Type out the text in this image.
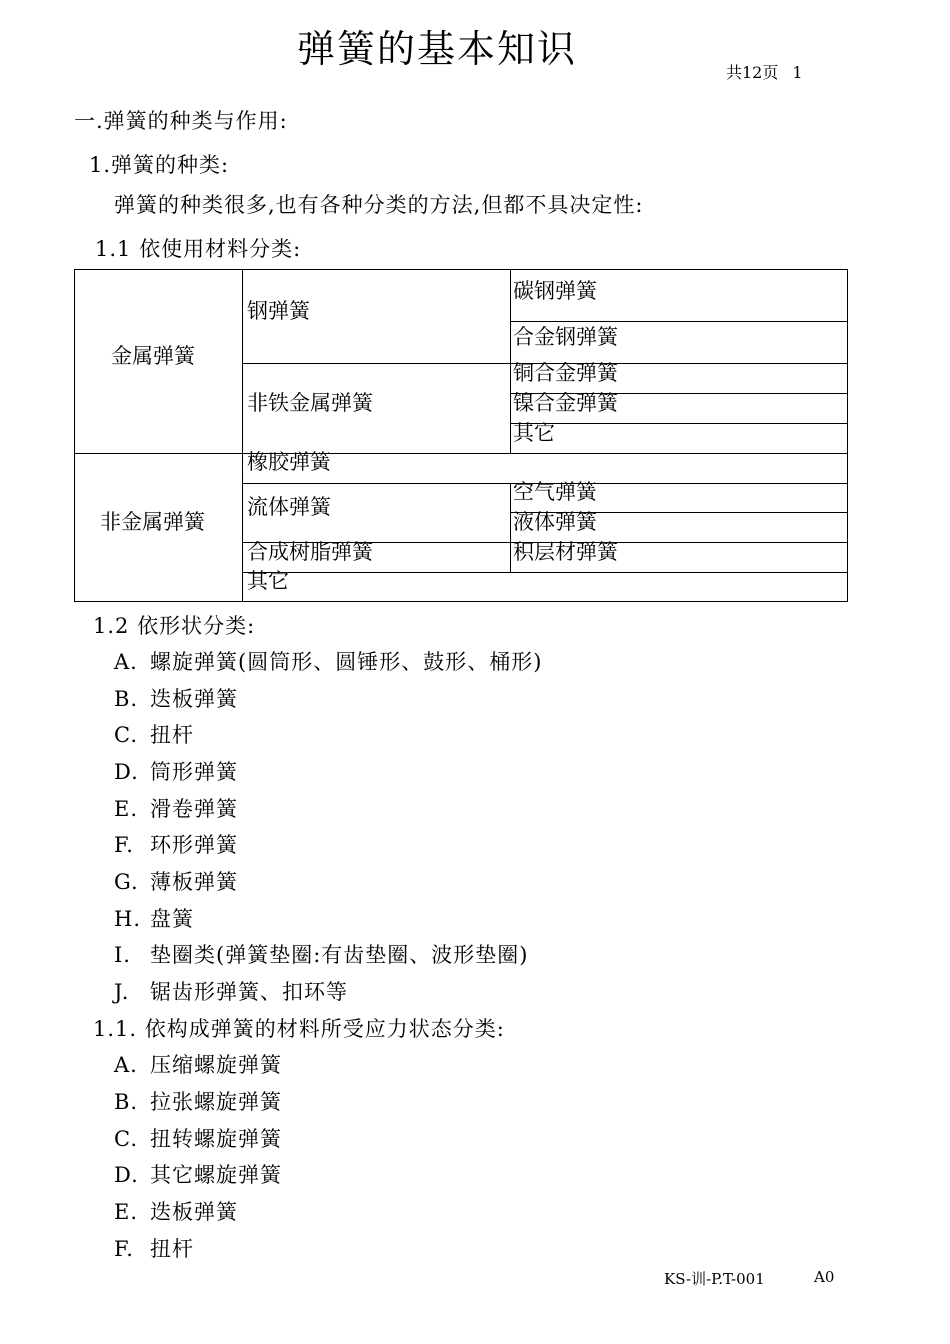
弹簧的基本知识
共12页 1
一.弹簧的种类与作用:
1.弹簧的种类:
弹簧的种类很多,也有各种分类的方法,但都不具决定性:
1.1 依使用材料分类:
金属弹簧
钢弹簧
碳钢弹簧
合金钢弹簧
非铁金属弹簧
铜合金弹簧
镍合金弹簧
其它
非金属弹簧
橡胶弹簧
流体弹簧
空气弹簧
液体弹簧
合成树脂弹簧	积层材弹簧
其它
1.2 依形状分类:
A. 螺旋弹簧(圆筒形、圆锤形、鼓形、桶形)
B. 迭板弹簧
C. 扭杆
D. 筒形弹簧
E. 滑卷弹簧
F. 环形弹簧
G. 薄板弹簧
H. 盘簧
I. 垫圈类(弹簧垫圈:有齿垫圈、波形垫圈)
J. 锯齿形弹簧、扣环等
1.1. 依构成弹簧的材料所受应力状态分类:
A. 压缩螺旋弹簧
B. 拉张螺旋弹簧
C. 扭转螺旋弹簧
D. 其它螺旋弹簧
E. 迭板弹簧
F. 扭杆
KS-训-P.T-001	A0
